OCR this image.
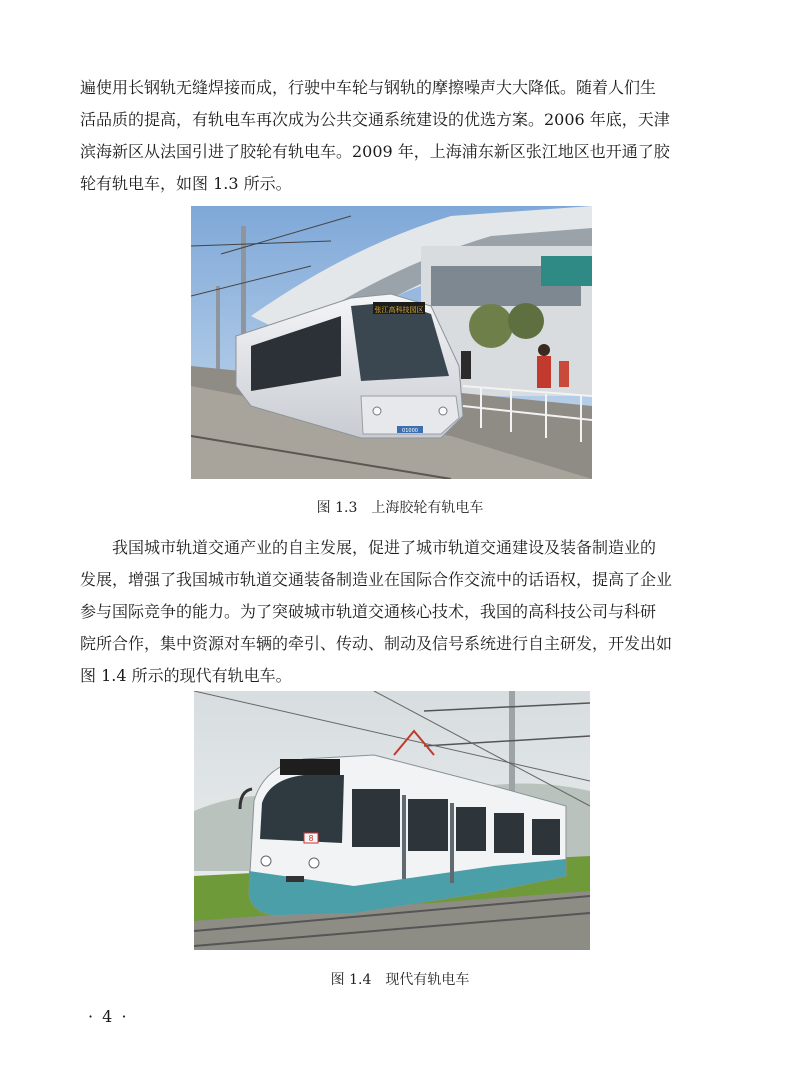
遍使用长钢轨无缝焊接而成，行驶中车轮与钢轨的摩擦噪声大大降低。随着人们生
活品质的提高，有轨电车再次成为公共交通系统建设的优选方案。2006 年底，天津
滨海新区从法国引进了胶轮有轨电车。2009 年，上海浦东新区张江地区也开通了胶
轮有轨电车，如图 1.3 所示。
张江高科技园区
01000
图 1.3 上海胶轮有轨电车
我国城市轨道交通产业的自主发展，促进了城市轨道交通建设及装备制造业的
发展，增强了我国城市轨道交通装备制造业在国际合作交流中的话语权，提高了企业
参与国际竞争的能力。为了突破城市轨道交通核心技术，我国的高科技公司与科研
院所合作，集中资源对车辆的牵引、传动、制动及信号系统进行自主研发，开发出如
图 1.4 所示的现代有轨电车。
8
图 1.4 现代有轨电车
· 4 ·
